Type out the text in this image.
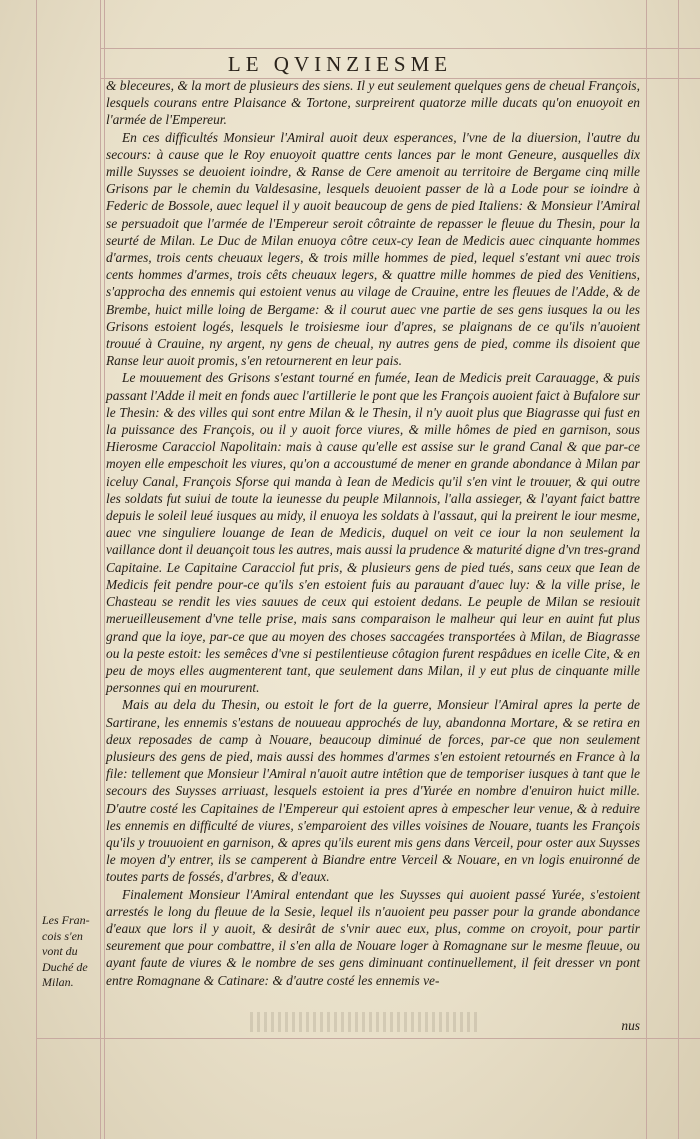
LE QVINZIESME

& bleceures, & la mort de plusieurs des siens. Il y eut seulement quelques gens de cheual François, lesquels courans entre Plaisance & Tortone, surpreirent quatorze mille ducats qu'on enuoyoit en l'armée de l'Empereur.

En ces difficultés Monsieur l'Amiral auoit deux esperances, l'vne de la diuersion, l'autre du secours: à cause que le Roy enuoyoit quattre cents lances par le mont Geneure, ausquelles dix mille Suysses se deuoient ioindre, & Ranse de Cere amenoit au territoire de Bergame cinq mille Grisons par le chemin du Valdesasine, lesquels deuoient passer de là a Lode pour se ioindre à Federic de Bossole, auec lequel il y auoit beaucoup de gens de pied Italiens: & Monsieur l'Amiral se persuadoit que l'armée de l'Empereur seroit côtrainte de repasser le fleuue du Thesin, pour la seurté de Milan. Le Duc de Milan enuoya côtre ceux-cy Iean de Medicis auec cinquante hommes d'armes, trois cents cheuaux legers, & trois mille hommes de pied, lequel s'estant vni auec trois cents hommes d'armes, trois cêts cheuaux legers, & quattre mille hommes de pied des Venitiens, s'approcha des ennemis qui estoient venus au vilage de Crauine, entre les fleuues de l'Adde, & de Brembe, huict mille loing de Bergame: & il courut auec vne partie de ses gens iusques la ou les Grisons estoient logés, lesquels le troisiesme iour d'apres, se plaignans de ce qu'ils n'auoient trouué à Crauine, ny argent, ny gens de cheual, ny autres gens de pied, comme ils disoient que Ranse leur auoit promis, s'en retournerent en leur pais.

Le mouuement des Grisons s'estant tourné en fumée, Iean de Medicis preit Carauagge, & puis passant l'Adde il meit en fonds auec l'artillerie le pont que les François auoient faict à Bufalore sur le Thesin: & des villes qui sont entre Milan & le Thesin, il n'y auoit plus que Biagrasse qui fust en la puissance des François, ou il y auoit force viures, & mille hômes de pied en garnison, sous Hierosme Caracciol Napolitain: mais à cause qu'elle est assise sur le grand Canal & que par-ce moyen elle empeschoit les viures, qu'on a accoustumé de mener en grande abondance à Milan par iceluy Canal, François Sforse qui manda à Iean de Medicis qu'il s'en vint le trouuer, & qui outre les soldats fut suiui de toute la ieunesse du peuple Milannois, l'alla assieger, & l'ayant faict battre depuis le soleil leué iusques au midy, il enuoya les soldats à l'assaut, qui la preirent le iour mesme, auec vne singuliere louange de Iean de Medicis, duquel on veit ce iour la non seulement la vaillance dont il deuançoit tous les autres, mais aussi la prudence & maturité digne d'vn tres-grand Capitaine. Le Capitaine Caracciol fut pris, & plusieurs gens de pied tués, sans ceux que Iean de Medicis feit pendre pour-ce qu'ils s'en estoient fuis au parauant d'auec luy: & la ville prise, le Chasteau se rendit les vies sauues de ceux qui estoient dedans. Le peuple de Milan se resiouit merueilleusement d'vne telle prise, mais sans comparaison le malheur qui leur en auint fut plus grand que la ioye, par-ce que au moyen des choses saccagées transportées à Milan, de Biagrasse ou la peste estoit: les semêces d'vne si pestilentieuse côtagion furent respâdues en icelle Cite, & en peu de moys elles augmenterent tant, que seulement dans Milan, il y eut plus de cinquante mille personnes qui en moururent.

Mais au dela du Thesin, ou estoit le fort de la guerre, Monsieur l'Amiral apres la perte de Sartirane, les ennemis s'estans de nouueau approchés de luy, abandonna Mortare, & se retira en deux reposades de camp à Nouare, beaucoup diminué de forces, par-ce que non seulement plusieurs des gens de pied, mais aussi des hommes d'armes s'en estoient retournés en France à la file: tellement que Monsieur l'Amiral n'auoit autre intêtion que de temporiser iusques à tant que le secours des Suysses arriuast, lesquels estoient ia pres d'Yurée en nombre d'enuiron huict mille. D'autre costé les Capitaines de l'Empereur qui estoient apres à empescher leur venue, & à reduire les ennemis en difficulté de viures, s'emparoient des villes voisines de Nouare, tuants les François qu'ils y trouuoient en garnison, & apres qu'ils eurent mis gens dans Verceil, pour oster aux Suysses le moyen d'y entrer, ils se camperent à Biandre entre Verceil & Nouare, en vn logis enuironné de toutes parts de fossés, d'arbres, & d'eaux.

Finalement Monsieur l'Amiral entendant que les Suysses qui auoient passé Yurée, s'estoient arrestés le long du fleuue de la Sesie, lequel ils n'auoient peu passer pour la grande abondance d'eaux que lors il y auoit, & desirât de s'vnir auec eux, plus, comme on croyoit, pour partir seurement que pour combattre, il s'en alla de Nouare loger à Romagnane sur le mesme fleuue, ou ayant faute de viures & le nombre de ses gens diminuant continuellement, il feit dresser vn pont entre Romagnane & Catinare: & d'autre costé les ennemis ve-

Les Fran-
cois s'en
vont du
Duché de
Milan.
nus
